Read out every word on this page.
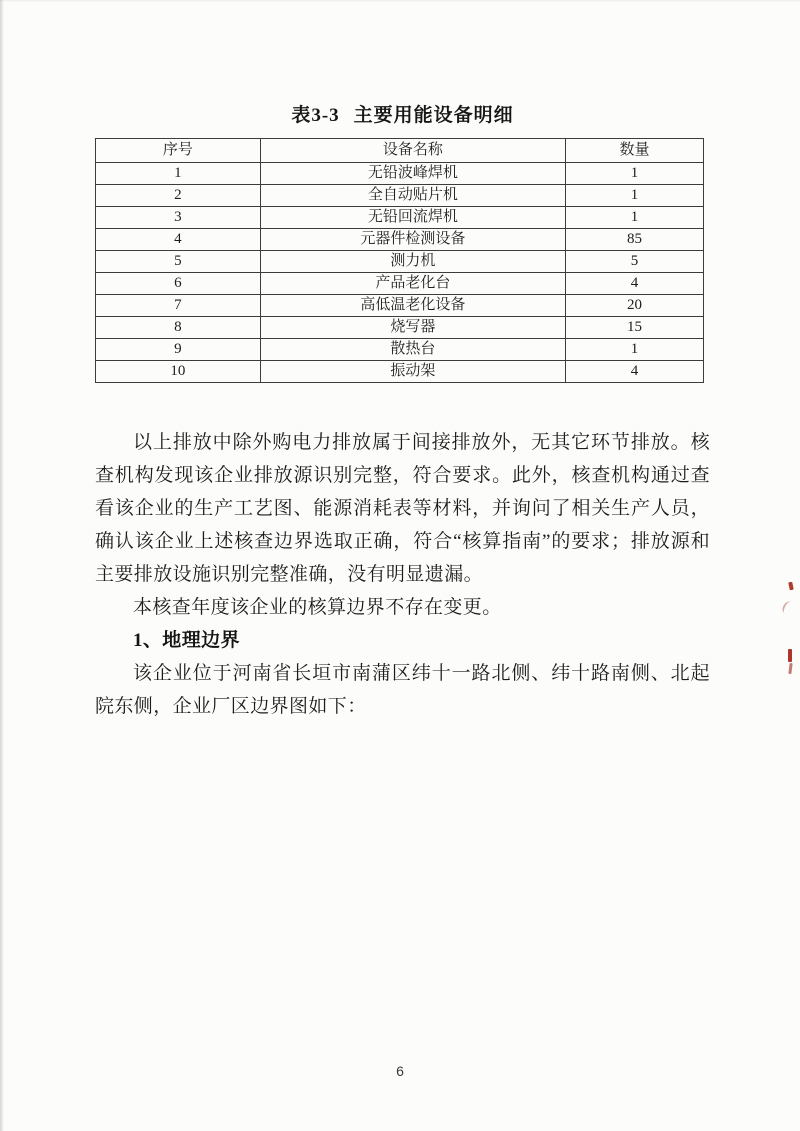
表3-3 主要用能设备明细
序号	设备名称	数量
1	无铅波峰焊机	1
2	全自动贴片机	1
3	无铅回流焊机	1
4	元器件检测设备	85
5	测力机	5
6	产品老化台	4
7	高低温老化设备	20
8	烧写器	15
9	散热台	1
10	振动架	4

以上排放中除外购电力排放属于间接排放外，无其它环节排放。核查机构发现该企业排放源识别完整，符合要求。此外，核查机构通过查看该企业的生产工艺图、能源消耗表等材料，并询问了相关生产人员，确认该企业上述核查边界选取正确，符合“核算指南”的要求；排放源和主要排放设施识别完整准确，没有明显遗漏。

本核查年度该企业的核算边界不存在变更。

1、地理边界

该企业位于河南省长垣市南蒲区纬十一路北侧、纬十路南侧、北起院东侧，企业厂区边界图如下：

6
